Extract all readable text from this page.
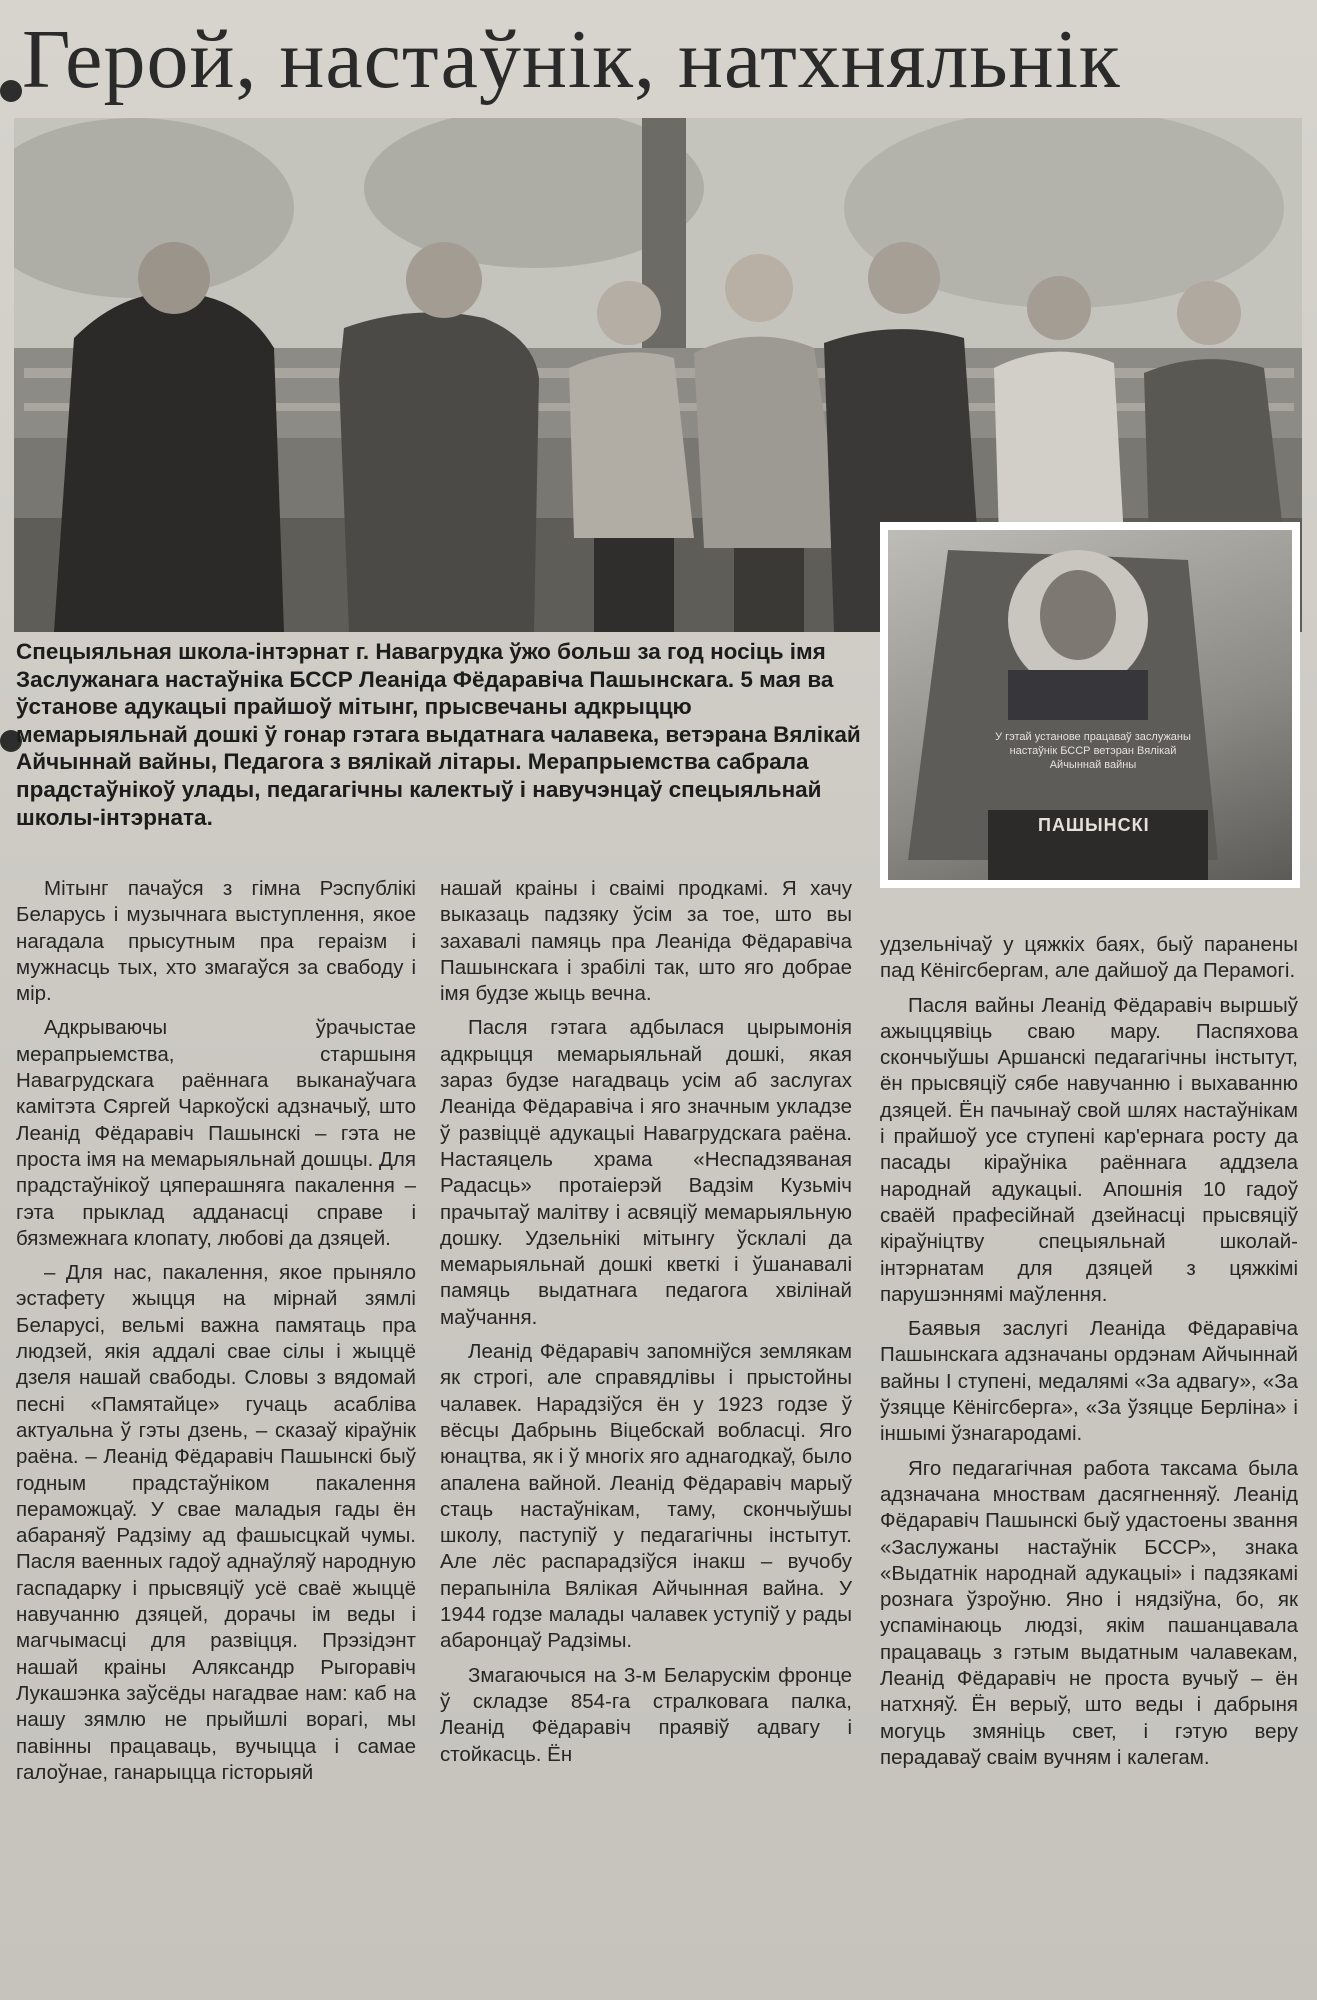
Герой, настаўнік, натхняльнік
У гэтай установе працаваў заслужаны настаўнік БССР ветэран Вялікай Айчыннай вайны
ПАШЫНСКІ
Спецыяльная школа-інтэрнат г. Навагрудка ўжо больш за год носіць імя Заслужанага настаўніка БССР Леаніда Фёдаравіча Пашынскага. 5 мая ва ўстанове адукацыі прайшоў мітынг, прысвечаны адкрыццю мемарыяльнай дошкі ў гонар гэтага выдатнага чалавека, ветэрана Вялікай Айчыннай вайны, Педагога з вялікай літары. Мерапрыемства сабрала прадстаўнікоў улады, педагагічны калектыў і навучэнцаў спецыяльнай школы-інтэрната.

Мітынг пачаўся з гімна Рэспублікі Беларусь і музычнага выступлення, якое нагадала прысутным пра гераізм і мужнасць тых, хто змагаўся за свабоду і мір.

Адкрываючы ўрачыстае мерапрыемства, старшыня Навагрудскага раённага выканаўчага камітэта Сяргей Чаркоўскі адзначыў, што Леанід Фёдаравіч Пашынскі – гэта не проста імя на мемарыяльнай дошцы. Для прадстаўнікоў цяперашняга пакалення – гэта прыклад адданасці справе і бязмежнага клопату, любові да дзяцей.

– Для нас, пакалення, якое прыняло эстафету жыцця на мірнай зямлі Беларусі, вельмі важна памятаць пра людзей, якія аддалі свае сілы і жыццё дзеля нашай свабоды. Словы з вядомай песні «Памятайце» гучаць асабліва актуальна ў гэты дзень, – сказаў кіраўнік раёна. – Леанід Фёдаравіч Пашынскі быў годным прадстаўніком пакалення пераможцаў. У свае маладыя гады ён абараняў Радзіму ад фашысцкай чумы. Пасля ваенных гадоў аднаўляў народную гаспадарку і прысвяціў усё сваё жыццё навучанню дзяцей, дорачы ім веды і магчымасці для развіцця. Прэзідэнт нашай краіны Аляксандр Рыгоравіч Лукашэнка заўсёды нагадвае нам: каб на нашу зямлю не прыйшлі ворагі, мы павінны працаваць, вучыцца і самае галоўнае, ганарыцца гісторыяй

нашай краіны і сваімі продкамі. Я хачу выказаць падзяку ўсім за тое, што вы захавалі памяць пра Леаніда Фёдаравіча Пашынскага і зрабілі так, што яго добрае імя будзе жыць вечна.

Пасля гэтага адбылася цырымонія адкрыцця мемарыяльнай дошкі, якая зараз будзе нагадваць усім аб заслугах Леаніда Фёдаравіча і яго значным укладзе ў развіццё адукацыі Навагрудскага раёна. Настаяцель храма «Неспадзяваная Радасць» протаіерэй Вадзім Кузьміч прачытаў малітву і асвяціў мемарыяльную дошку. Удзельнікі мітынгу ўсклалі да мемарыяльнай дошкі кветкі і ўшанавалі памяць выдатнага педагога хвілінай маўчання.

Леанід Фёдаравіч запомніўся землякам як строгі, але справядлівы і прыстойны чалавек. Нарадзіўся ён у 1923 годзе ў вёсцы Дабрынь Віцебскай вобласці. Яго юнацтва, як і ў многіх яго аднагодкаў, было апалена вайной. Леанід Фёдаравіч марыў стаць настаўнікам, таму, скончыўшы школу, паступіў у педагагічны інстытут. Але лёс распарадзіўся інакш – вучобу перапыніла Вялікая Айчынная вайна. У 1944 годзе малады чалавек уступіў у рады абаронцаў Радзімы.

Змагаючыся на 3-м Беларускім фронце ў складзе 854-га стралковага палка, Леанід Фёдаравіч праявіў адвагу і стойкасць. Ён

удзельнічаў у цяжкіх баях, быў паранены пад Кёнігсбергам, але дайшоў да Перамогі.

Пасля вайны Леанід Фёдаравіч выршыў ажыццявіць сваю мару. Паспяхова скончыўшы Аршанскі педагагічны інстытут, ён прысвяціў сябе навучанню і выхаванню дзяцей. Ён пачынаў свой шлях настаўнікам і прайшоў усе ступені кар'ернага росту да пасады кіраўніка раённага аддзела народнай адукацыі. Апошнія 10 гадоў сваёй прафесійнай дзейнасці прысвяціў кіраўніцтву спецыяльнай школай-інтэрнатам для дзяцей з цяжкімі парушэннямі маўлення.

Баявыя заслугі Леаніда Фёдаравіча Пашынскага адзначаны ордэнам Айчыннай вайны I ступені, медалямі «За адвагу», «За ўзяцце Кёнігсберга», «За ўзяцце Берліна» і іншымі ўзнагародамі.

Яго педагагічная работа таксама была адзначана мноствам дасягненняў. Леанід Фёдаравіч Пашынскі быў удастоены звання «Заслужаны настаўнік БССР», знака «Выдатнік народнай адукацыі» і падзякамі рознага ўзроўню. Яно і нядзіўна, бо, як успамінаюць людзі, якім пашанцавала працаваць з гэтым выдатным чалавекам, Леанід Фёдаравіч не проста вучыў – ён натхняў. Ён верыў, што веды і дабрыня могуць змяніць свет, і гэтую веру перадаваў сваім вучням і калегам.
